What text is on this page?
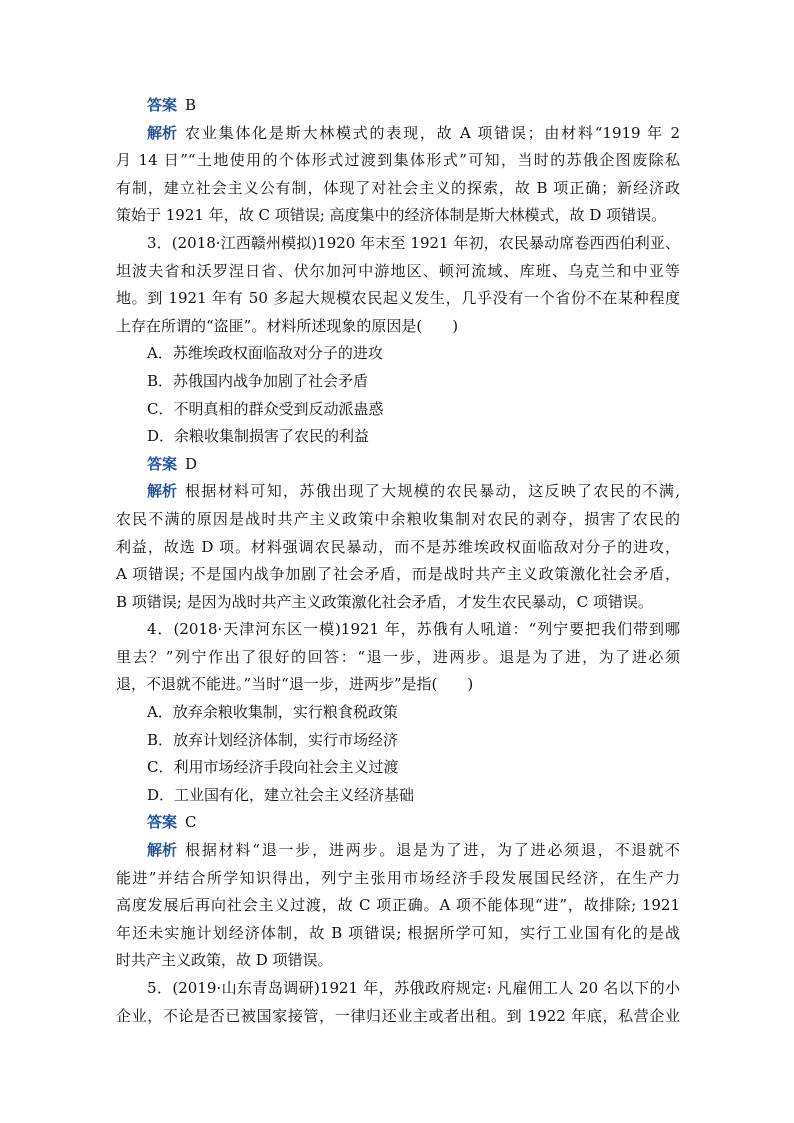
答案 B
解析 农业集体化是斯大林模式的表现，故 A 项错误；由材料“1919 年 2
月 14 日”“土地使用的个体形式过渡到集体形式”可知，当时的苏俄企图废除私
有制，建立社会主义公有制，体现了对社会主义的探索，故 B 项正确；新经济政
策始于 1921 年，故 C 项错误; 高度集中的经济体制是斯大林模式，故 D 项错误。
3．(2018·江西赣州模拟)1920 年末至 1921 年初，农民暴动席卷西西伯利亚、
坦波夫省和沃罗涅日省、伏尔加河中游地区、顿河流域、库班、乌克兰和中亚等
地。到 1921 年有 50 多起大规模农民起义发生，几乎没有一个省份不在某种程度
上存在所谓的“盗匪”。材料所述现象的原因是(　　)
A．苏维埃政权面临敌对分子的进攻
B．苏俄国内战争加剧了社会矛盾
C．不明真相的群众受到反动派蛊惑
D．余粮收集制损害了农民的利益
答案 D
解析 根据材料可知，苏俄出现了大规模的农民暴动，这反映了农民的不满,
农民不满的原因是战时共产主义政策中余粮收集制对农民的剥夺，损害了农民的
利益，故选 D 项。材料强调农民暴动，而不是苏维埃政权面临敌对分子的进攻，
A 项错误; 不是国内战争加剧了社会矛盾，而是战时共产主义政策激化社会矛盾，
B 项错误; 是因为战时共产主义政策激化社会矛盾，才发生农民暴动，C 项错误。
4．(2018·天津河东区一模)1921 年，苏俄有人吼道：“列宁要把我们带到哪
里去？”列宁作出了很好的回答：“退一步，进两步。退是为了进，为了进必须
退，不退就不能进。”当时“退一步，进两步”是指(　　)
A．放弃余粮收集制，实行粮食税政策
B．放弃计划经济体制，实行市场经济
C．利用市场经济手段向社会主义过渡
D．工业国有化，建立社会主义经济基础
答案 C
解析 根据材料“退一步，进两步。退是为了进，为了进必须退，不退就不
能进”并结合所学知识得出，列宁主张用市场经济手段发展国民经济，在生产力
高度发展后再向社会主义过渡，故 C 项正确。A 项不能体现“进”，故排除; 1921
年还未实施计划经济体制，故 B 项错误; 根据所学可知，实行工业国有化的是战
时共产主义政策，故 D 项错误。
5．(2019·山东青岛调研)1921 年，苏俄政府规定: 凡雇佣工人 20 名以下的小
企业，不论是否已被国家接管，一律归还业主或者出租。到 1922 年底，私营企业
